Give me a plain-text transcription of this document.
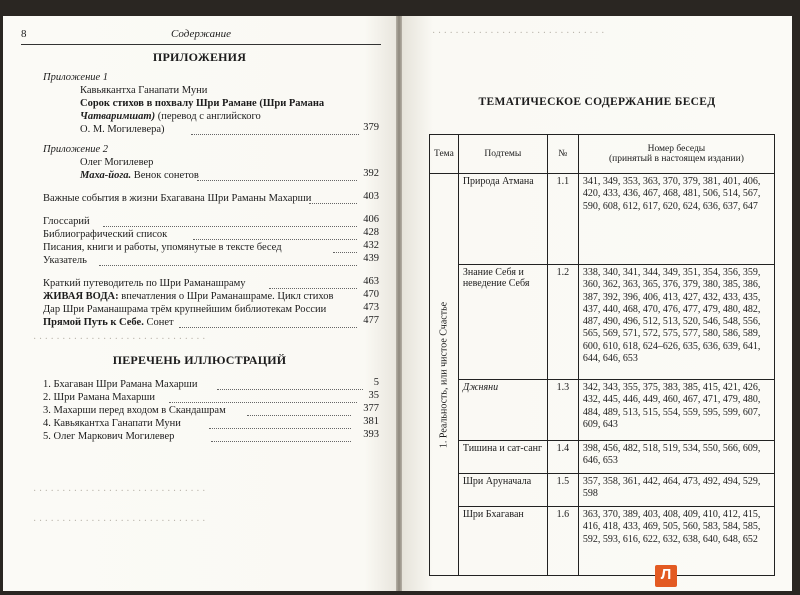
8	Содержание
ПРИЛОЖЕНИЯ
Приложение 1
Кавьякантха Ганапати Муни
Сорок стихов в похвалу Шри Рамане (Шри Рамана
Чатваримшат) (перевод с английского
О. М. Могилевера)	379
Приложение 2
Олег Могилевер
Маха-йога. Венок сонетов	392
Важные события в жизни Бхагавана Шри Раманы Махарши	403
Глоссарий	406
Библиографический список	428
Писания, книги и работы, упомянутые в тексте бесед	432
Указатель	439
Краткий путеводитель по Шри Раманашраму	463
ЖИВАЯ ВОДА: впечатления о Шри Раманашраме. Цикл стихов	470
Дар Шри Раманашрама трём крупнейшим библиотекам России	473
Прямой Путь к Себе. Сонет	477
· · · · · · · · · · · · · · · · · · · · · · · · · · · · · ·
ПЕРЕЧЕНЬ ИЛЛЮСТРАЦИЙ
1. Бхагаван Шри Рамана Махарши	5
2. Шри Рамана Махарши	35
3. Махарши перед входом в Скандашрам	377
4. Кавьякантха Ганапати Муни	381
5. Олег Маркович Могилевер	393
· · · · · · · · · · · · · · · · · · · · · · · · · · · · · ·
· · · · · · · · · · · · · · · · · · · · · · · · · · · · · ·
· · · · · · · · · · · · · · · · · · · · · · · · · · · · · ·
ТЕМАТИЧЕСКОЕ СОДЕРЖАНИЕ БЕСЕД
Тема	Подтемы	№	Номер беседы
(принятый в настоящем издании)

1. Реальность, или чистое Счастье	Природа Атмана	1.1	341, 349, 353, 363, 370, 379, 381, 401, 406, 420, 433, 436, 467, 468, 481, 506, 514, 567, 590, 608, 612, 617, 620, 624, 636, 637, 647
	Знание Себя и неведение Себя	1.2	338, 340, 341, 344, 349, 351, 354, 356, 359, 360, 362, 363, 365, 376, 379, 380, 385, 386, 387, 392, 396, 406, 413, 427, 432, 433, 435, 437, 440, 468, 470, 476, 477, 479, 480, 482, 487, 490, 496, 512, 513, 520, 546, 548, 556, 565, 569, 571, 572, 575, 577, 580, 586, 589, 600, 610, 618, 624–626, 635, 636, 639, 641, 644, 646, 653
	Джняни	1.3	342, 343, 355, 375, 383, 385, 415, 421, 426, 432, 445, 446, 449, 460, 467, 471, 479, 480, 484, 489, 513, 515, 554, 559, 595, 599, 607, 609, 643
	Тишина и сат-санг	1.4	398, 456, 482, 518, 519, 534, 550, 566, 609, 646, 653
	Шри Аруначала	1.5	357, 358, 361, 442, 464, 473, 492, 494, 529, 598
	Шри Бхагаван	1.6	363, 370, 389, 403, 408, 409, 410, 412, 415, 416, 418, 433, 469, 505, 560, 583, 584, 585, 592, 593, 616, 622, 632, 638, 640, 648, 652
Л
